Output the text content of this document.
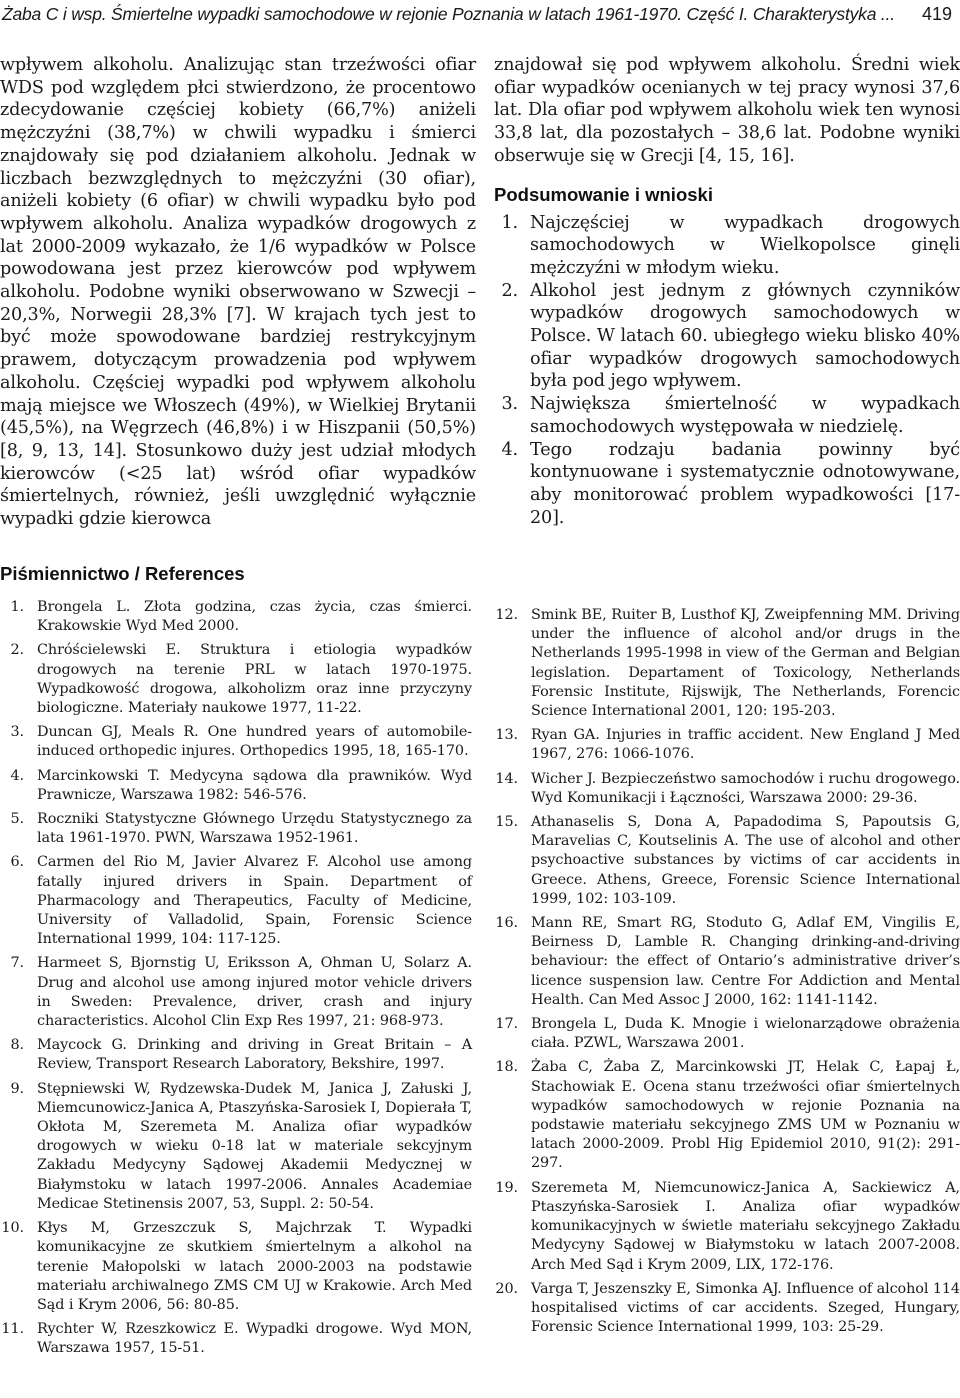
Żaba C i wsp. Śmiertelne wypadki samochodowe w rejonie Poznania w latach 1961-1970. Część I. Charakterystyka ... 419

wpływem alkoholu. Analizując stan trzeźwości ofiar WDS pod względem płci stwierdzono, że procentowo zdecydowanie częściej kobiety (66,7%) aniżeli mężczyźni (38,7%) w chwili wypadku i śmierci znajdowały się pod działaniem alkoholu. Jednak w liczbach bezwzględnych to mężczyźni (30 ofiar), aniżeli kobiety (6 ofiar) w chwili wypadku było pod wpływem alkoholu. Analiza wypadków drogowych z lat 2000-2009 wykazało, że 1/6 wypadków w Polsce powodowana jest przez kierowców pod wpływem alkoholu. Podobne wyniki obserwowano w Szwecji – 20,3%, Norwegii 28,3% [7]. W krajach tych jest to być może spowodowane bardziej restrykcyjnym prawem, dotyczącym prowadzenia pod wpływem alkoholu. Częściej wypadki pod wpływem alkoholu mają miejsce we Włoszech (49%), w Wielkiej Brytanii (45,5%), na Węgrzech (46,8%) i w Hiszpanii (50,5%) [8, 9, 13, 14]. Stosunkowo duży jest udział młodych kierowców (<25 lat) wśród ofiar wypadków śmiertelnych, również, jeśli uwzględnić wyłącznie wypadki gdzie kierowca

znajdował się pod wpływem alkoholu. Średni wiek ofiar wypadków ocenianych w tej pracy wynosi 37,6 lat. Dla ofiar pod wpływem alkoholu wiek ten wynosi 33,8 lat, dla pozostałych – 38,6 lat. Podobne wyniki obserwuje się w Grecji [4, 15, 16].

Podsumowanie i wnioski
1. Najczęściej w wypadkach drogowych samochodowych w Wielkopolsce ginęli mężczyźni w młodym wieku.
2. Alkohol jest jednym z głównych czynników wypadków drogowych samochodowych w Polsce. W latach 60. ubiegłego wieku blisko 40% ofiar wypadków drogowych samochodowych była pod jego wpływem.
3. Największa śmiertelność w wypadkach samochodowych występowała w niedzielę.
4. Tego rodzaju badania powinny być kontynuowane i systematycznie odnotowywane, aby monitorować problem wypadkowości [17-20].
Piśmiennictwo / References
1. Brongela L. Złota godzina, czas życia, czas śmierci. Krakowskie Wyd Med 2000.
2. Chróścielewski E. Struktura i etiologia wypadków drogowych na terenie PRL w latach 1970-1975. Wypadkowość drogowa, alkoholizm oraz inne przyczyny biologiczne. Materiały naukowe 1977, 11-22.
3. Duncan GJ, Meals R. One hundred years of automobile-induced orthopedic injures. Orthopedics 1995, 18, 165-170.
4. Marcinkowski T. Medycyna sądowa dla prawników. Wyd Prawnicze, Warszawa 1982: 546-576.
5. Roczniki Statystyczne Głównego Urzędu Statystycznego za lata 1961-1970. PWN, Warszawa 1952-1961.
6. Carmen del Rio M, Javier Alvarez F. Alcohol use among fatally injured drivers in Spain. Department of Pharmacology and Therapeutics, Faculty of Medicine, University of Valladolid, Spain, Forensic Science International 1999, 104: 117-125.
7. Harmeet S, Bjornstig U, Eriksson A, Ohman U, Solarz A. Drug and alcohol use among injured motor vehicle drivers in Sweden: Prevalence, driver, crash and injury characteristics. Alcohol Clin Exp Res 1997, 21: 968-973.
8. Maycock G. Drinking and driving in Great Britain – A Review, Transport Research Laboratory, Bekshire, 1997.
9. Stępniewski W, Rydzewska-Dudek M, Janica J, Załuski J, Miemcunowicz-Janica A, Ptaszyńska-Sarosiek I, Dopierała T, Okłota M, Szeremeta M. Analiza ofiar wypadków drogowych w wieku 0-18 lat w materiale sekcyjnym Zakładu Medycyny Sądowej Akademii Medycznej w Białymstoku w latach 1997-2006. Annales Academiae Medicae Stetinensis 2007, 53, Suppl. 2: 50-54.
10. Kłys M, Grzeszczuk S, Majchrzak T. Wypadki komunikacyjne ze skutkiem śmiertelnym a alkohol na terenie Małopolski w latach 2000-2003 na podstawie materiału archiwalnego ZMS CM UJ w Krakowie. Arch Med Sąd i Krym 2006, 56: 80-85.
11. Rychter W, Rzeszkowicz E. Wypadki drogowe. Wyd MON, Warszawa 1957, 15-51.
12. Smink BE, Ruiter B, Lusthof KJ, Zweipfenning MM. Driving under the influence of alcohol and/or drugs in the Netherlands 1995-1998 in view of the German and Belgian legislation. Departament of Toxicology, Netherlands Forensic Institute, Rijswijk, The Netherlands, Forencic Science International 2001, 120: 195-203.
13. Ryan GA. Injuries in traffic accident. New England J Med 1967, 276: 1066-1076.
14. Wicher J. Bezpieczeństwo samochodów i ruchu drogowego. Wyd Komunikacji i Łączności, Warszawa 2000: 29-36.
15. Athanaselis S, Dona A, Papadodima S, Papoutsis G, Maravelias C, Koutselinis A. The use of alcohol and other psychoactive substances by victims of car accidents in Greece. Athens, Greece, Forensic Science International 1999, 102: 103-109.
16. Mann RE, Smart RG, Stoduto G, Adlaf EM, Vingilis E, Beirness D, Lamble R. Changing drinking-and-driving behaviour: the effect of Ontario’s administrative driver’s licence suspension law. Centre For Addiction and Mental Health. Can Med Assoc J 2000, 162: 1141-1142.
17. Brongela L, Duda K. Mnogie i wielonarządowe obrażenia ciała. PZWL, Warszawa 2001.
18. Żaba C, Żaba Z, Marcinkowski JT, Helak C, Łapaj Ł, Stachowiak E. Ocena stanu trzeźwości ofiar śmiertelnych wypadków samochodowych w rejonie Poznania na podstawie materiału sekcyjnego ZMS UM w Poznaniu w latach 2000-2009. Probl Hig Epidemiol 2010, 91(2): 291-297.
19. Szeremeta M, Niemcunowicz-Janica A, Sackiewicz A, Ptaszyńska-Sarosiek I. Analiza ofiar wypadków komunikacyjnych w świetle materiału sekcyjnego Zakładu Medycyny Sądowej w Białymstoku w latach 2007-2008. Arch Med Sąd i Krym 2009, LIX, 172-176.
20. Varga T, Jeszenszky E, Simonka AJ. Influence of alcohol 114 hospitalised victims of car accidents. Szeged, Hungary, Forensic Science International 1999, 103: 25-29.
